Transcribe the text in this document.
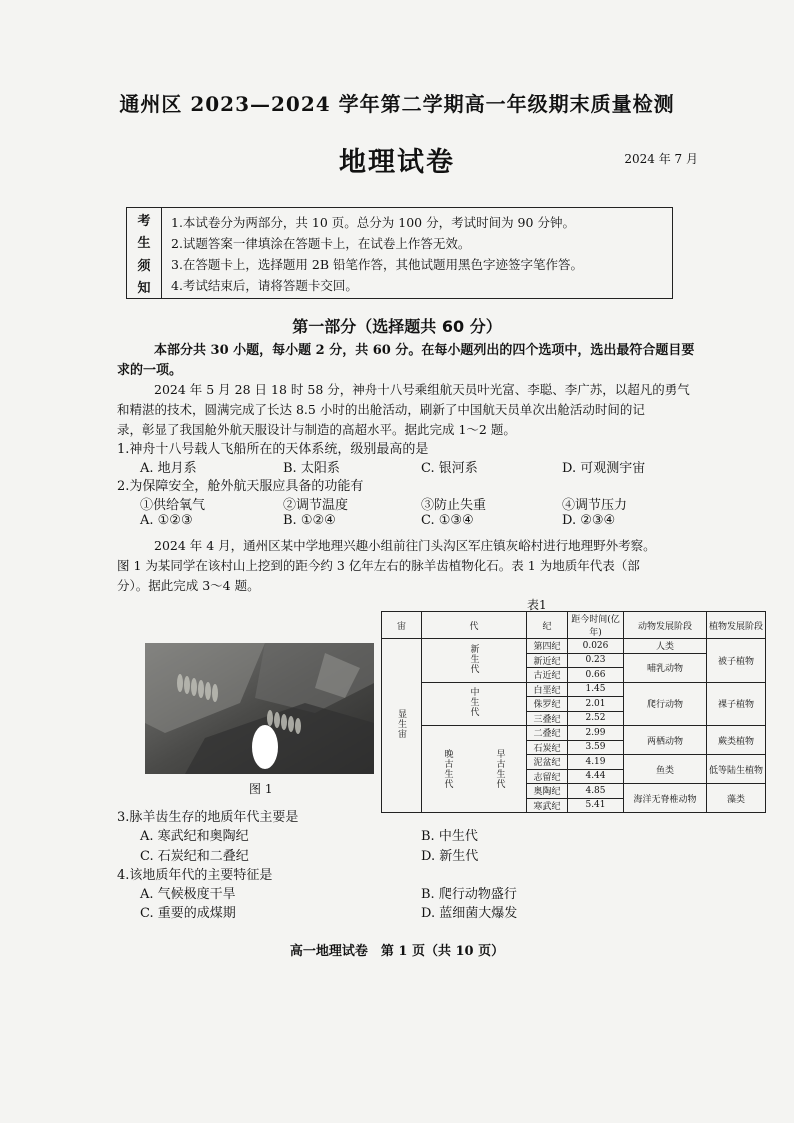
通州区 2023—2024 学年第二学期高一年级期末质量检测
地理试卷	2024 年 7 月
考
生
须
知
1.本试卷分为两部分，共 10 页。总分为 100 分，考试时间为 90 分钟。
2.试题答案一律填涂在答题卡上，在试卷上作答无效。
3.在答题卡上，选择题用 2B 铅笔作答，其他试题用黑色字迹签字笔作答。
4.考试结束后，请将答题卡交回。
第一部分（选择题共 60 分）
本部分共 30 小题，每小题 2 分，共 60 分。在每小题列出的四个选项中，选出最符合题目要
求的一项。
2024 年 5 月 28 日 18 时 58 分，神舟十八号乘组航天员叶光富、李聪、李广苏，以超凡的勇气
和精湛的技术，圆满完成了长达 8.5 小时的出舱活动，刷新了中国航天员单次出舱活动时间的记
录，彰显了我国舱外航天服设计与制造的高超水平。据此完成 1～2 题。
1.神舟十八号载人飞船所在的天体系统，级别最高的是
A. 地月系	B. 太阳系	C. 银河系	D. 可观测宇宙
2.为保障安全，舱外航天服应具备的功能有
①供给氧气	②调节温度	③防止失重	④调节压力
A. ①②③	B. ①②④	C. ①③④	D. ②③④
2024 年 4 月，通州区某中学地理兴趣小组前往门头沟区军庄镇灰峪村进行地理野外考察。
图 1 为某同学在该村山上挖到的距今约 3 亿年左右的脉羊齿植物化石。表 1 为地质年代表（部
分）。据此完成 3～4 题。
图 1
表1
宙	代	纪	距今时间(亿年)	动物发展阶段	植物发展阶段
显生宙	新生代	第四纪	0.026	人类	被子植物
		新近纪	0.23	哺乳动物	
		古近纪	0.66		
	中生代	白垩纪	1.45	爬行动物	裸子植物
		侏罗纪	2.01		
		三叠纪	2.52		

	晚古生代 早古生代	二叠纪	2.99	两栖动物	蕨类植物
		石炭纪	3.59		
		泥盆纪	4.19	鱼类	低等陆生植物
		志留纪	4.44		
		奥陶纪	4.85	海洋无脊椎动物	藻类
		寒武纪	5.41		
3.脉羊齿生存的地质年代主要是
A. 寒武纪和奥陶纪	B. 中生代
C. 石炭纪和二叠纪	D. 新生代
4.该地质年代的主要特征是
A. 气候极度干旱	B. 爬行动物盛行
C. 重要的成煤期	D. 蓝细菌大爆发
高一地理试卷　第 1 页（共 10 页）
